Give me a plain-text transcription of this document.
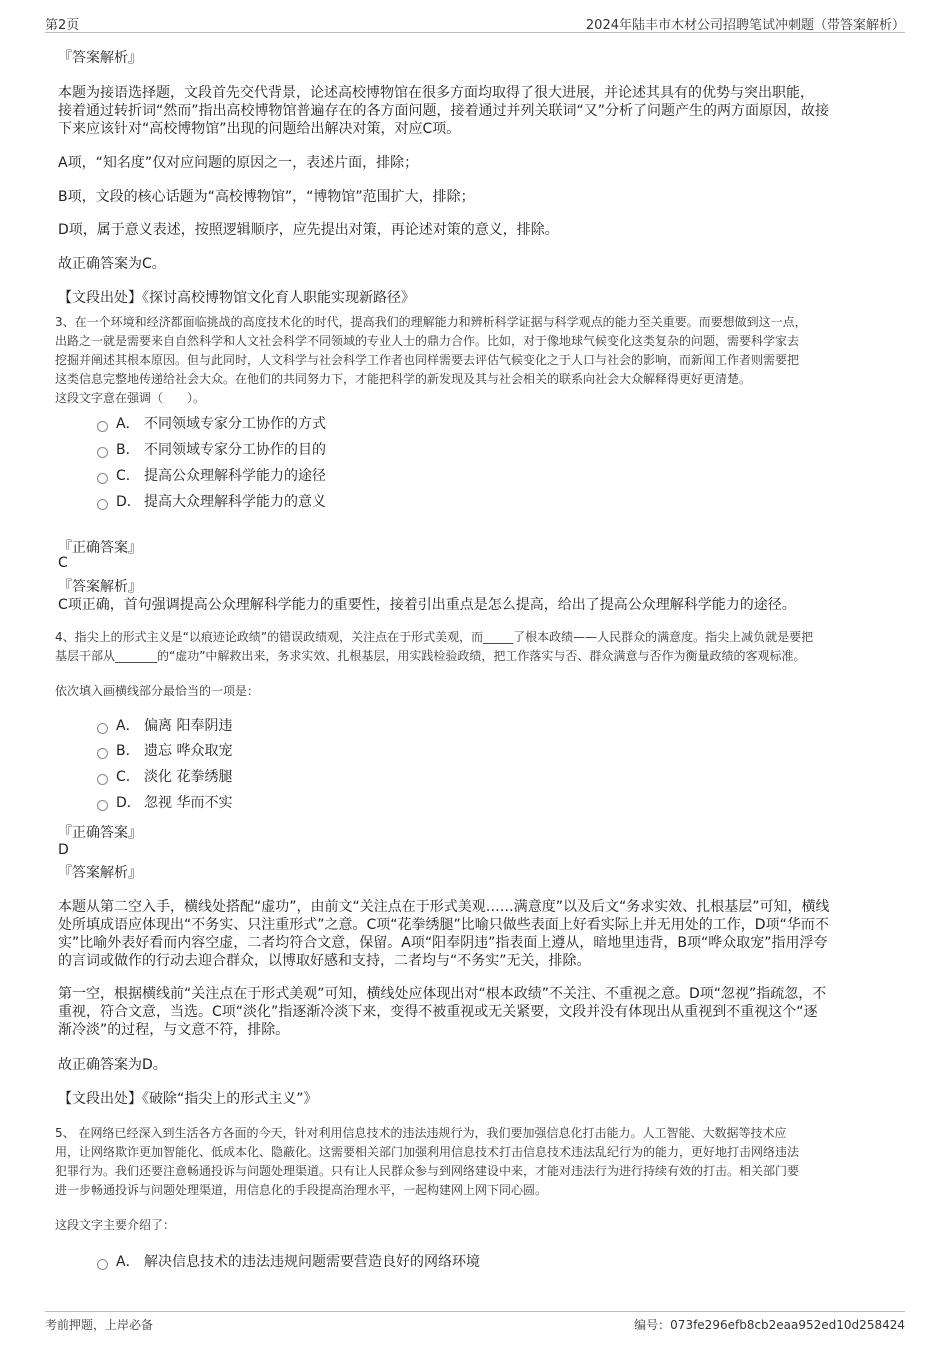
第2页	2024年陆丰市木材公司招聘笔试冲刺题（带答案解析）
『答案解析』
本题为接语选择题，文段首先交代背景，论述高校博物馆在很多方面均取得了很大进展，并论述其具有的优势与突出职能，
接着通过转折词“然而”指出高校博物馆普遍存在的各方面问题，接着通过并列关联词“又”分析了问题产生的两方面原因，故接
下来应该针对“高校博物馆”出现的问题给出解决对策，对应C项。
A项，“知名度”仅对应问题的原因之一，表述片面，排除；
B项，文段的核心话题为“高校博物馆”，“博物馆”范围扩大，排除；
D项，属于意义表述，按照逻辑顺序，应先提出对策，再论述对策的意义，排除。
故正确答案为C。
【文段出处】《探讨高校博物馆文化育人职能实现新路径》
3、在一个环境和经济都面临挑战的高度技术化的时代，提高我们的理解能力和辨析科学证据与科学观点的能力至关重要。而要想做到这一点，
出路之一就是需要来自自然科学和人文社会科学不同领域的专业人士的鼎力合作。比如，对于像地球气候变化这类复杂的问题，需要科学家去
挖掘并阐述其根本原因。但与此同时，人文科学与社会科学工作者也同样需要去评估气候变化之于人口与社会的影响，而新闻工作者则需要把
这类信息完整地传递给社会大众。在他们的共同努力下，才能把科学的新发现及其与社会相关的联系向社会大众解释得更好更清楚。
这段文字意在强调（　　）。
A． 不同领域专家分工协作的方式
B． 不同领域专家分工协作的目的
C． 提高公众理解科学能力的途径
D． 提高大众理解科学能力的意义
『正确答案』
C
『答案解析』
C项正确，首句强调提高公众理解科学能力的重要性，接着引出重点是怎么提高，给出了提高公众理解科学能力的途径。
4、指尖上的形式主义是“以痕迹论政绩”的错误政绩观，关注点在于形式美观，而_____了根本政绩——人民群众的满意度。指尖上减负就是要把
基层干部从_______的“虚功”中解救出来，务求实效、扎根基层，用实践检验政绩，把工作落实与否、群众满意与否作为衡量政绩的客观标准。
依次填入画横线部分最恰当的一项是：
A． 偏离 阳奉阴违
B． 遗忘 哗众取宠
C． 淡化 花拳绣腿
D． 忽视 华而不实
『正确答案』
D
『答案解析』
本题从第二空入手，横线处搭配“虚功”，由前文“关注点在于形式美观……满意度”以及后文“务求实效、扎根基层”可知，横线
处所填成语应体现出“不务实、只注重形式”之意。C项“花拳绣腿”比喻只做些表面上好看实际上并无用处的工作，D项“华而不
实”比喻外表好看而内容空虚，二者均符合文意，保留。A项“阳奉阴违”指表面上遵从，暗地里违背，B项“哗众取宠”指用浮夸
的言词或做作的行动去迎合群众，以博取好感和支持，二者均与“不务实”无关，排除。
第一空，根据横线前“关注点在于形式美观”可知，横线处应体现出对“根本政绩”不关注、不重视之意。D项“忽视”指疏忽，不
重视，符合文意，当选。C项“淡化”指逐渐冷淡下来，变得不被重视或无关紧要，文段并没有体现出从重视到不重视这个“逐
渐冷淡”的过程，与文意不符，排除。
故正确答案为D。
【文段出处】《破除“指尖上的形式主义”》
5、 在网络已经深入到生活各方各面的今天，针对利用信息技术的违法违规行为，我们要加强信息化打击能力。人工智能、大数据等技术应
用，让网络欺诈更加智能化、低成本化、隐蔽化。这需要相关部门加强利用信息技术打击信息技术违法乱纪行为的能力，更好地打击网络违法
犯罪行为。我们还要注意畅通投诉与问题处理渠道。只有让人民群众参与到网络建设中来，才能对违法行为进行持续有效的打击。相关部门要
进一步畅通投诉与问题处理渠道，用信息化的手段提高治理水平，一起构建网上网下同心圆。
这段文字主要介绍了：
A． 解决信息技术的违法违规问题需要营造良好的网络环境
考前押题，上岸必备	编号：073fe296efb8cb2eaa952ed10d258424
